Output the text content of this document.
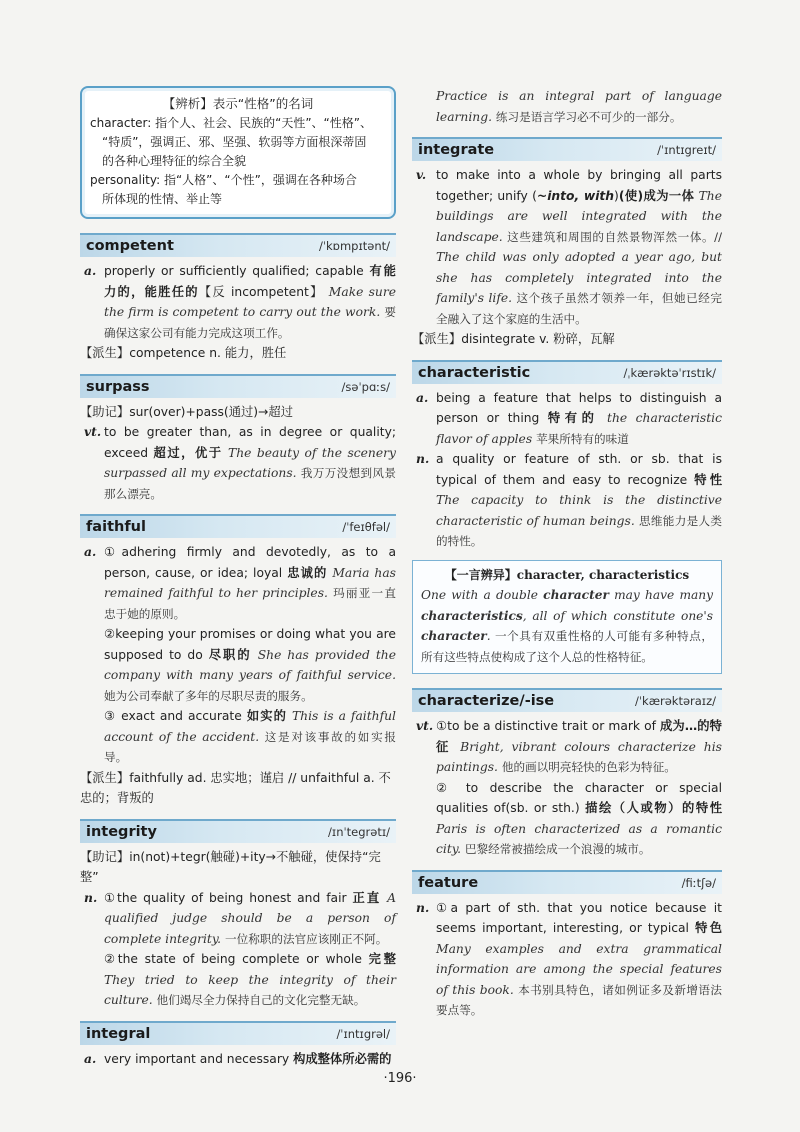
【辨析】表示“性格”的名词

character: 指个人、社会、民族的“天性”、“性格”、

“特质”，强调正、邪、坚强、软弱等方面根深蒂固

的各种心理特征的综合全貌

personality: 指“人格”、“个性”，强调在各种场合

所体现的性情、举止等

competent	/ˈkɒmpɪtənt/
a. properly or sufficiently qualified; capable 有能力的，能胜任的【反 incompetent】 Make sure the firm is competent to carry out the work. 要确保这家公司有能力完成这项工作。
【派生】competence n. 能力，胜任
surpass	/səˈpɑːs/
【助记】sur(over)+pass(通过)→超过
vt. to be greater than, as in degree or quality; exceed 超过，优于 The beauty of the scenery surpassed all my expectations. 我万万没想到风景那么漂亮。
faithful	/ˈfeɪθfəl/
a. ①adhering firmly and devotedly, as to a person, cause, or idea; loyal 忠诚的 Maria has remained faithful to her principles. 玛丽亚一直忠于她的原则。
②keeping your promises or doing what you are supposed to do 尽职的 She has provided the company with many years of faithful service. 她为公司奉献了多年的尽职尽责的服务。
③ exact and accurate 如实的 This is a faithful account of the accident. 这是对该事故的如实报导。
【派生】faithfully ad. 忠实地；谨启 // unfaithful a. 不忠的；背叛的
integrity	/ɪnˈtegrətɪ/
【助记】in(not)+tegr(触碰)+ity→不触碰，使保持“完整”
n. ①the quality of being honest and fair 正直 A qualified judge should be a person of complete integrity. 一位称职的法官应该刚正不阿。
②the state of being complete or whole 完整 They tried to keep the integrity of their culture. 他们竭尽全力保持自己的文化完整无缺。
integral	/ˈɪntɪgrəl/
a. very important and necessary 构成整体所必需的
Practice is an integral part of language learning. 练习是语言学习必不可少的一部分。
integrate	/ˈɪntɪgreɪt/
v. to make into a whole by bringing all parts together; unify (~into, with)(使)成为一体 The buildings are well integrated with the landscape. 这些建筑和周围的自然景物浑然一体。// The child was only adopted a year ago, but she has completely integrated into the family's life. 这个孩子虽然才领养一年，但她已经完全融入了这个家庭的生活中。
【派生】disintegrate v. 粉碎，瓦解
characteristic	/ˌkærəktəˈrɪstɪk/
a. being a feature that helps to distinguish a person or thing 特有的 the characteristic flavor of apples 苹果所特有的味道
n. a quality or feature of sth. or sb. that is typical of them and easy to recognize 特性 The capacity to think is the distinctive characteristic of human beings. 思维能力是人类的特性。
【一言辨异】character, characteristics
One with a double character may have many characteristics, all of which constitute one's character. 一个具有双重性格的人可能有多种特点，所有这些特点使构成了这个人总的性格特征。
characterize/-ise	/ˈkærəktəraɪz/
vt. ①to be a distinctive trait or mark of 成为…的特征 Bright, vibrant colours characterize his paintings. 他的画以明亮轻快的色彩为特征。
② to describe the character or special qualities of(sb. or sth.) 描绘（人或物）的特性 Paris is often characterized as a romantic city. 巴黎经常被描绘成一个浪漫的城市。
feature	/fiːtʃə/
n. ①a part of sth. that you notice because it seems important, interesting, or typical 特色 Many examples and extra grammatical information are among the special features of this book. 本书别具特色，诸如例证多及新增语法要点等。
·196·
